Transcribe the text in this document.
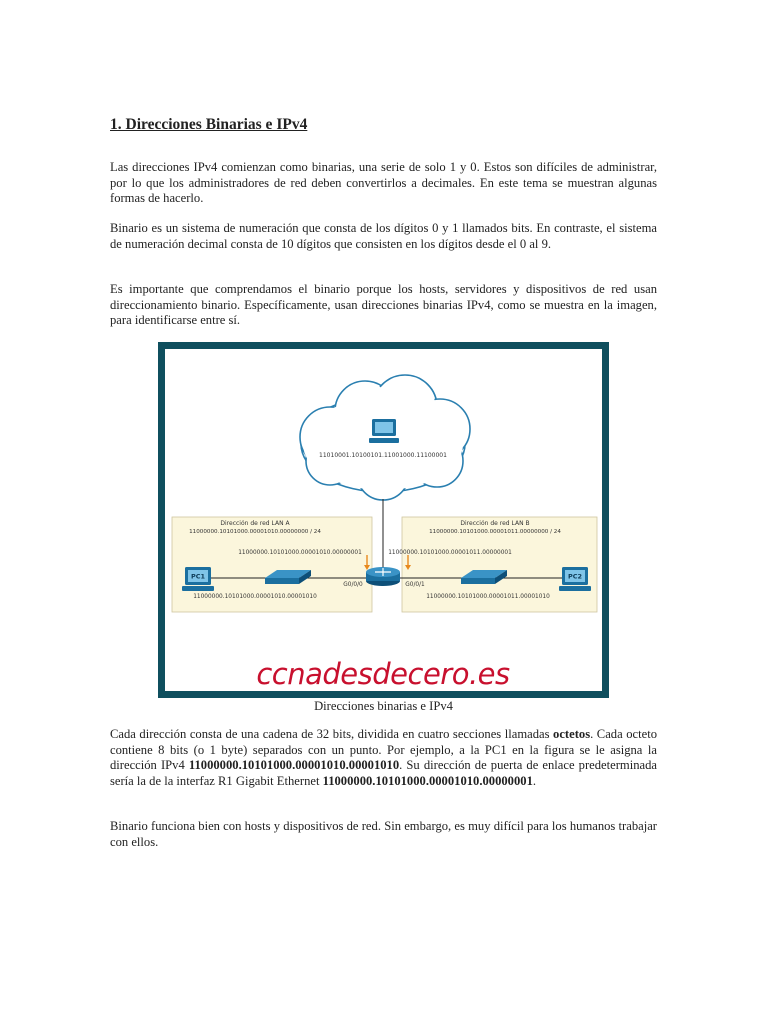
1. Direcciones Binarias e IPv4

Las direcciones IPv4 comienzan como binarias, una serie de solo 1 y 0. Estos son difíciles de administrar, por lo que los administradores de red deben convertirlos a decimales. En este tema se muestran algunas formas de hacerlo.

Binario es un sistema de numeración que consta de los dígitos 0 y 1 llamados bits. En contraste, el sistema de numeración decimal consta de 10 dígitos que consisten en los dígitos desde el 0 al 9.

Es importante que comprendamos el binario porque los hosts, servidores y dispositivos de red usan direccionamiento binario. Específicamente, usan direcciones binarias IPv4, como se muestra en la imagen, para identificarse entre sí.

11010001.10100101.11001000.11100001
Dirección de red LAN A
11000000.10101000.00001010.00000000 / 24
11000000.10101000.00001010.00000001
11000000.10101000.00001010.00001010
G0/0/0
Dirección de red LAN B
11000000.10101000.00001011.00000000 / 24
11000000.10101000.00001011.00000001
11000000.10101000.00001011.00001010
G0/0/1
PC1	PC2
ccnadesdecero.es

Direcciones binarias e IPv4

Cada dirección consta de una cadena de 32 bits, dividida en cuatro secciones llamadas octetos. Cada octeto contiene 8 bits (o 1 byte) separados con un punto. Por ejemplo, a la PC1 en la figura se le asigna la dirección IPv4 11000000.10101000.00001010.00001010. Su dirección de puerta de enlace predeterminada sería la de la interfaz R1 Gigabit Ethernet 11000000.10101000.00001010.00000001.

Binario funciona bien con hosts y dispositivos de red. Sin embargo, es muy difícil para los humanos trabajar con ellos.
